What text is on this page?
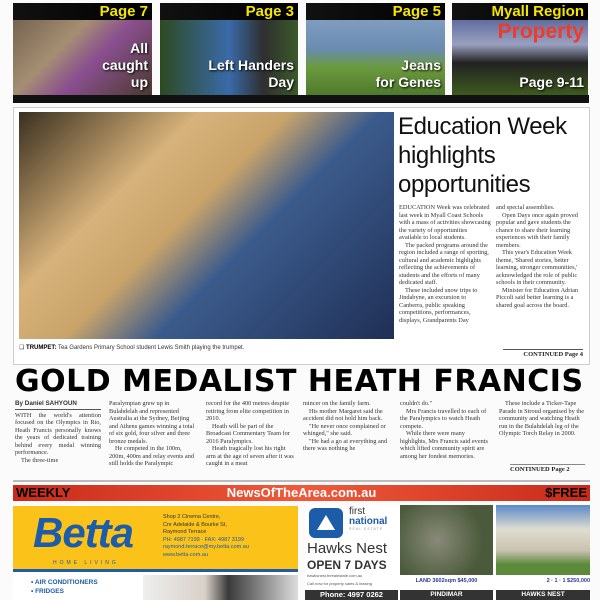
Page 7
All
caught
up
Page 3
Left Handers
Day
Page 5
Jeans
for Genes
Myall Region
Property
Page 9-11
❏ TRUMPET: Tea Gardens Primary School student Lewis Smith playing the trumpet.
Education Week highlights opportunities

EDUCATION Week was celebrated last week in Myall Coast Schools with a mass of activities showcasing the variety of opportunities available to local students.

The packed programs around the region included a range of sporting, cultural and academic highlights reflecting the achievements of students and the efforts of many dedicated staff.

These included snow trips to Jindabyne, an excursion to Canberra, public speaking competitions, performances, displays, Grandparents Day

and special assemblies.

Open Days once again proved popular and gave students the chance to share their learning experiences with their family members.

This year's Education Week theme, 'Shared stories, better learning, stronger communities,' acknowledged the role of public schools in their community.

Minister for Education Adrian Piccoli said better learning is a shared goal across the board.

CONTINUED Page 4
GOLD MEDALIST HEATH FRANCIS
By Daniel SAHYOUN

WITH the world's attention focused on the Olympics in Rio, Heath Francis personally knows the years of dedicated training behind every medal winning performance.

The three-time

Paralympian grew up in Bulahdelah and represented Australia at the Sydney, Beijing and Athens games winning a total of six gold, four silver and three bronze medals.

He competed in the 100m, 200m, 400m and relay events and still holds the Paralympic

record for the 400 metres despite retiring from elite competition in 2010.

Heath will be part of the Broadcast Commentary Team for 2016 Paralympics.

Heath tragically lost his right arm at the age of seven after it was caught in a meat

mincer on the family farm.

His mother Margaret said the accident did not hold him back.

"He never once complained or whinged," she said.

"He had a go at everything and there was nothing he

couldn't do."

Mrs Francis travelled to each of the Paralympics to watch Heath compete.

While there were many highlights, Mrs Francis said events which lifted community spirit are among her fondest memories.

These include a Ticker-Tape Parade in Stroud organised by the community and watching Heath run in the Bulahdelah leg of the Olympic Torch Relay in 2000.

CONTINUED Page 2
WEEKLY	NewsOfTheArea.com.au	$FREE
Betta
HOME LIVING
Shop 2 Cinema Centre,
Cnr Adelaide & Bourke St,
Raymond Terrace
PH: 4987 7199 · FAX: 4987 3199
raymond.terrace@my.betta.com.au
www.betta.com.au
• AIR CONDITIONERS
• FRIDGES
first
national
REAL ESTATE
Hawks Nest
OPEN 7 DAYS
hawksnest.fnrealestate.com.au
Call now for property sales & leasing
Phone: 4997 0262
LAND 3602sqm $45,000
PINDIMAR
2 · 1 · 1 $250,000
HAWKS NEST
